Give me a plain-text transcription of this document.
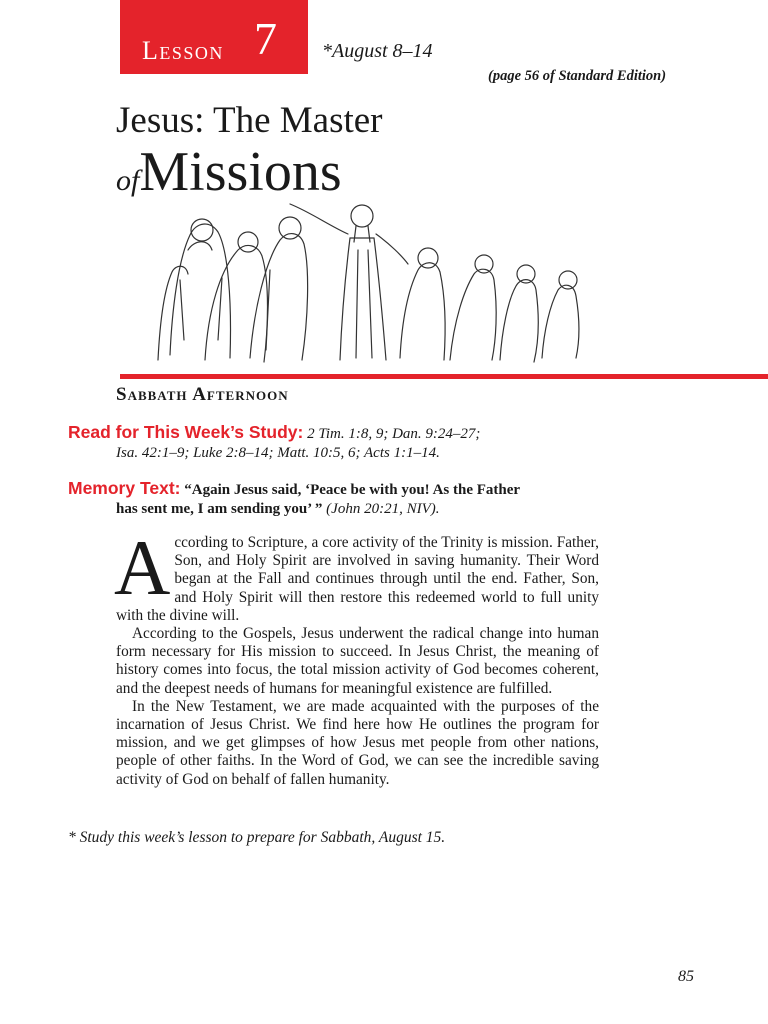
Lesson 7 *August 8–14
(page 56 of Standard Edition)
Jesus: The Master
ofMissions
Sabbath Afternoon
Read for This Week’s Study: 2 Tim. 1:8, 9; Dan. 9:24–27;
Isa. 42:1–9; Luke 2:8–14; Matt. 10:5, 6; Acts 1:1–14.
Memory Text: “Again Jesus said, ‘Peace be with you! As the Father
has sent me, I am sending you’ ” (John 20:21, NIV).

According to Scripture, a core activity of the Trinity is mission. Father, Son, and Holy Spirit are involved in saving humanity. Their Word began at the Fall and continues through until the end. Father, Son, and Holy Spirit will then restore this redeemed world to full unity with the divine will.

According to the Gospels, Jesus underwent the radical change into human form necessary for His mission to succeed. In Jesus Christ, the meaning of history comes into focus, the total mission activity of God becomes coherent, and the deepest needs of humans for meaningful existence are fulfilled.

In the New Testament, we are made acquainted with the purposes of the incarnation of Jesus Christ. We find here how He outlines the program for mission, and we get glimpses of how Jesus met people from other nations, people of other faiths. In the Word of God, we can see the incredible saving activity of God on behalf of fallen humanity.

* Study this week’s lesson to prepare for Sabbath, August 15.
85
